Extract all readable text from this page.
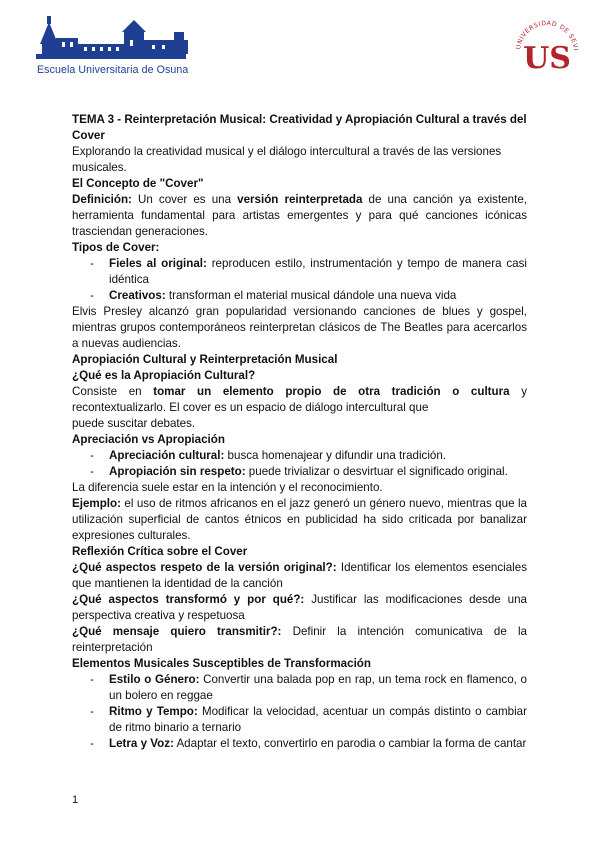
Escuela Universitaria de Osuna
UNIVERSIDAD DE SEVI
US

TEMA 3 - Reinterpretación Musical: Creatividad y Apropiación Cultural a través del Cover

Explorando la creatividad musical y el diálogo intercultural a través de las versiones musicales.

El Concepto de "Cover"

Definición: Un cover es una versión reinterpretada de una canción ya existente, herramienta fundamental para artistas emergentes y para qué canciones icónicas trasciendan generaciones.

Tipos de Cover:

- Fieles al original: reproducen estilo, instrumentación y tempo de manera casi idéntica
- Creativos: transforman el material musical dándole una nueva vida

Elvis Presley alcanzó gran popularidad versionando canciones de blues y gospel, mientras grupos contemporáneos reinterpretan clásicos de The Beatles para acercarlos a nuevas audiencias.

Apropiación Cultural y Reinterpretación Musical

¿Qué es la Apropiación Cultural?

Consiste en tomar un elemento propio de otra tradición o cultura y recontextualizarlo. El cover es un espacio de diálogo intercultural que

puede suscitar debates.

Apreciación vs Apropiación

- Apreciación cultural: busca homenajear y difundir una tradición.
- Apropiación sin respeto: puede trivializar o desvirtuar el significado original.

La diferencia suele estar en la intención y el reconocimiento.

Ejemplo: el uso de ritmos africanos en el jazz generó un género nuevo, mientras que la utilización superficial de cantos étnicos en publicidad ha sido criticada por banalizar expresiones culturales.

Reflexión Crítica sobre el Cover

¿Qué aspectos respeto de la versión original?: Identificar los elementos esenciales que mantienen la identidad de la canción

¿Qué aspectos transformó y por qué?: Justificar las modificaciones desde una perspectiva creativa y respetuosa

¿Qué mensaje quiero transmitir?: Definir la intención comunicativa de la reinterpretación

Elementos Musicales Susceptibles de Transformación

- Estilo o Género: Convertir una balada pop en rap, un tema rock en flamenco, o un bolero en reggae
- Ritmo y Tempo: Modificar la velocidad, acentuar un compás distinto o cambiar de ritmo binario a ternario
- Letra y Voz: Adaptar el texto, convertirlo en parodia o cambiar la forma de cantar
1
